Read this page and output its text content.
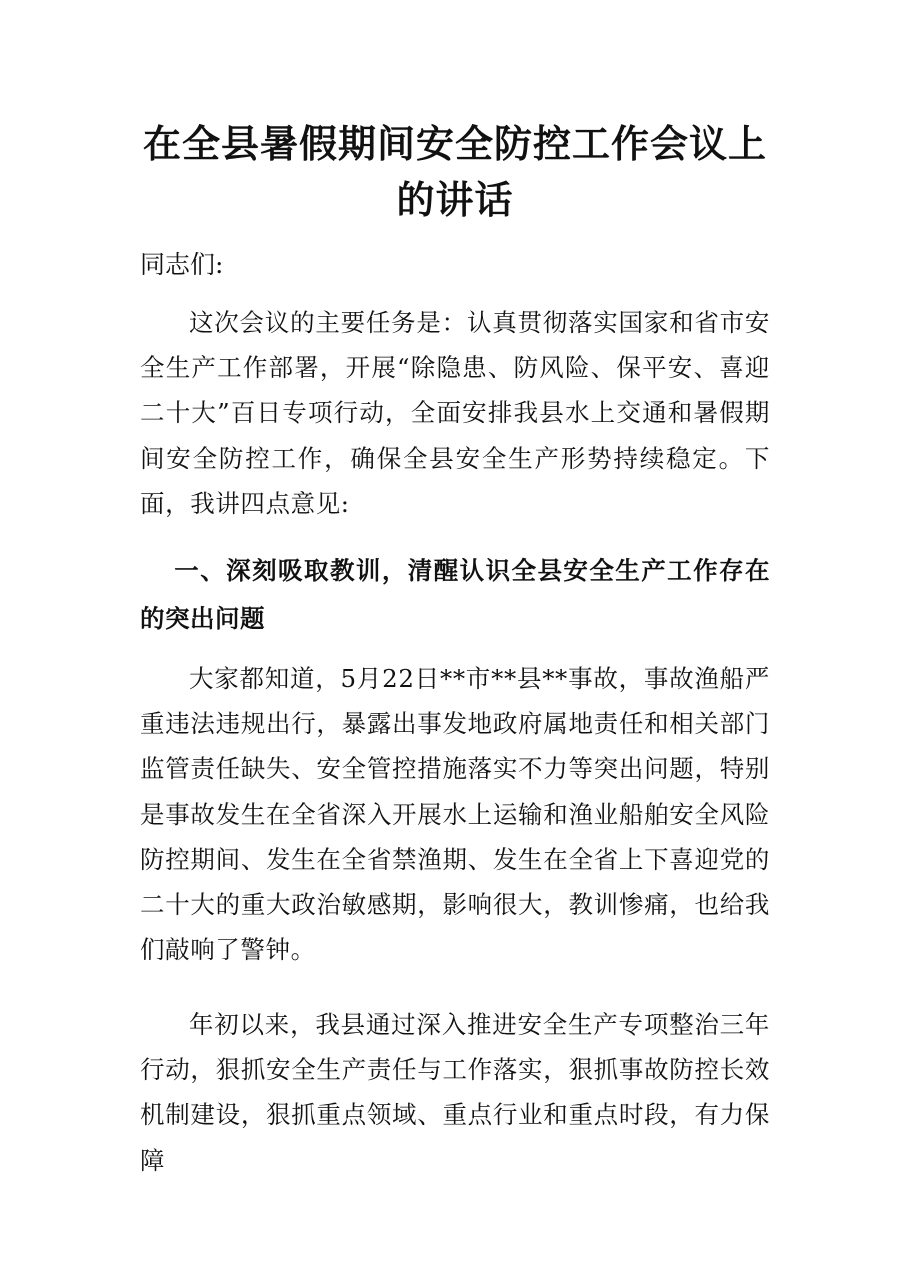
在全县暑假期间安全防控工作会议上的讲话

同志们:

这次会议的主要任务是：认真贯彻落实国家和省市安全生产工作部署，开展“除隐患、防风险、保平安、喜迎二十大”百日专项行动，全面安排我县水上交通和暑假期间安全防控工作，确保全县安全生产形势持续稳定。下面，我讲四点意见:

一、深刻吸取教训，清醒认识全县安全生产工作存在的突出问题

大家都知道，5月22日**市**县**事故，事故渔船严重违法违规出行，暴露出事发地政府属地责任和相关部门监管责任缺失、安全管控措施落实不力等突出问题，特别是事故发生在全省深入开展水上运输和渔业船舶安全风险防控期间、发生在全省禁渔期、发生在全省上下喜迎党的二十大的重大政治敏感期，影响很大，教训惨痛，也给我们敲响了警钟。

年初以来，我县通过深入推进安全生产专项整治三年行动，狠抓安全生产责任与工作落实，狠抓事故防控长效机制建设，狠抓重点领域、重点行业和重点时段，有力保障
